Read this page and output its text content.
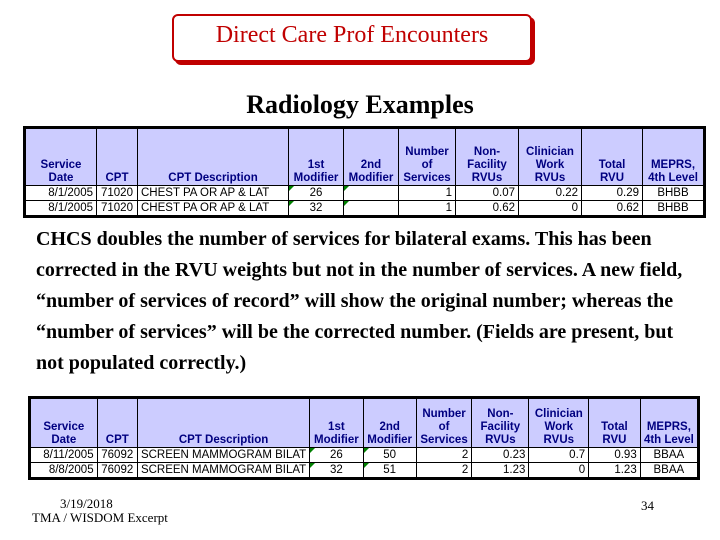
Direct Care Prof Encounters
Radiology Examples
Service
Date	CPT	CPT Description	1st
Modifier	2nd
Modifier	Number
of
Services	Non-
Facility
RVUs	Clinician
Work
RVUs	Total
RVU	MEPRS,
4th Level
8/1/2005	71020	CHEST PA OR AP & LAT	26		1	0.07	0.22	0.29	BHBB
8/1/2005	71020	CHEST PA OR AP & LAT	32		1	0.62	0	0.62	BHBB
CHCS doubles the number of services for bilateral exams. This has been corrected in the RVU weights but not in the number of services. A new field, “number of services of record” will show the original number; whereas the “number of services” will be the corrected number. (Fields are present, but not populated correctly.)
Service
Date	CPT	CPT Description	1st
Modifier	2nd
Modifier	Number
of
Services	Non-
Facility
RVUs	Clinician
Work
RVUs	Total
RVU	MEPRS,
4th Level
8/11/2005	76092	SCREEN MAMMOGRAM BILAT	26	50	2	0.23	0.7	0.93	BBAA
8/8/2005	76092	SCREEN MAMMOGRAM BILAT	32	51	2	1.23	0	1.23	BBAA
3/19/2018
TMA / WISDOM Excerpt
34
